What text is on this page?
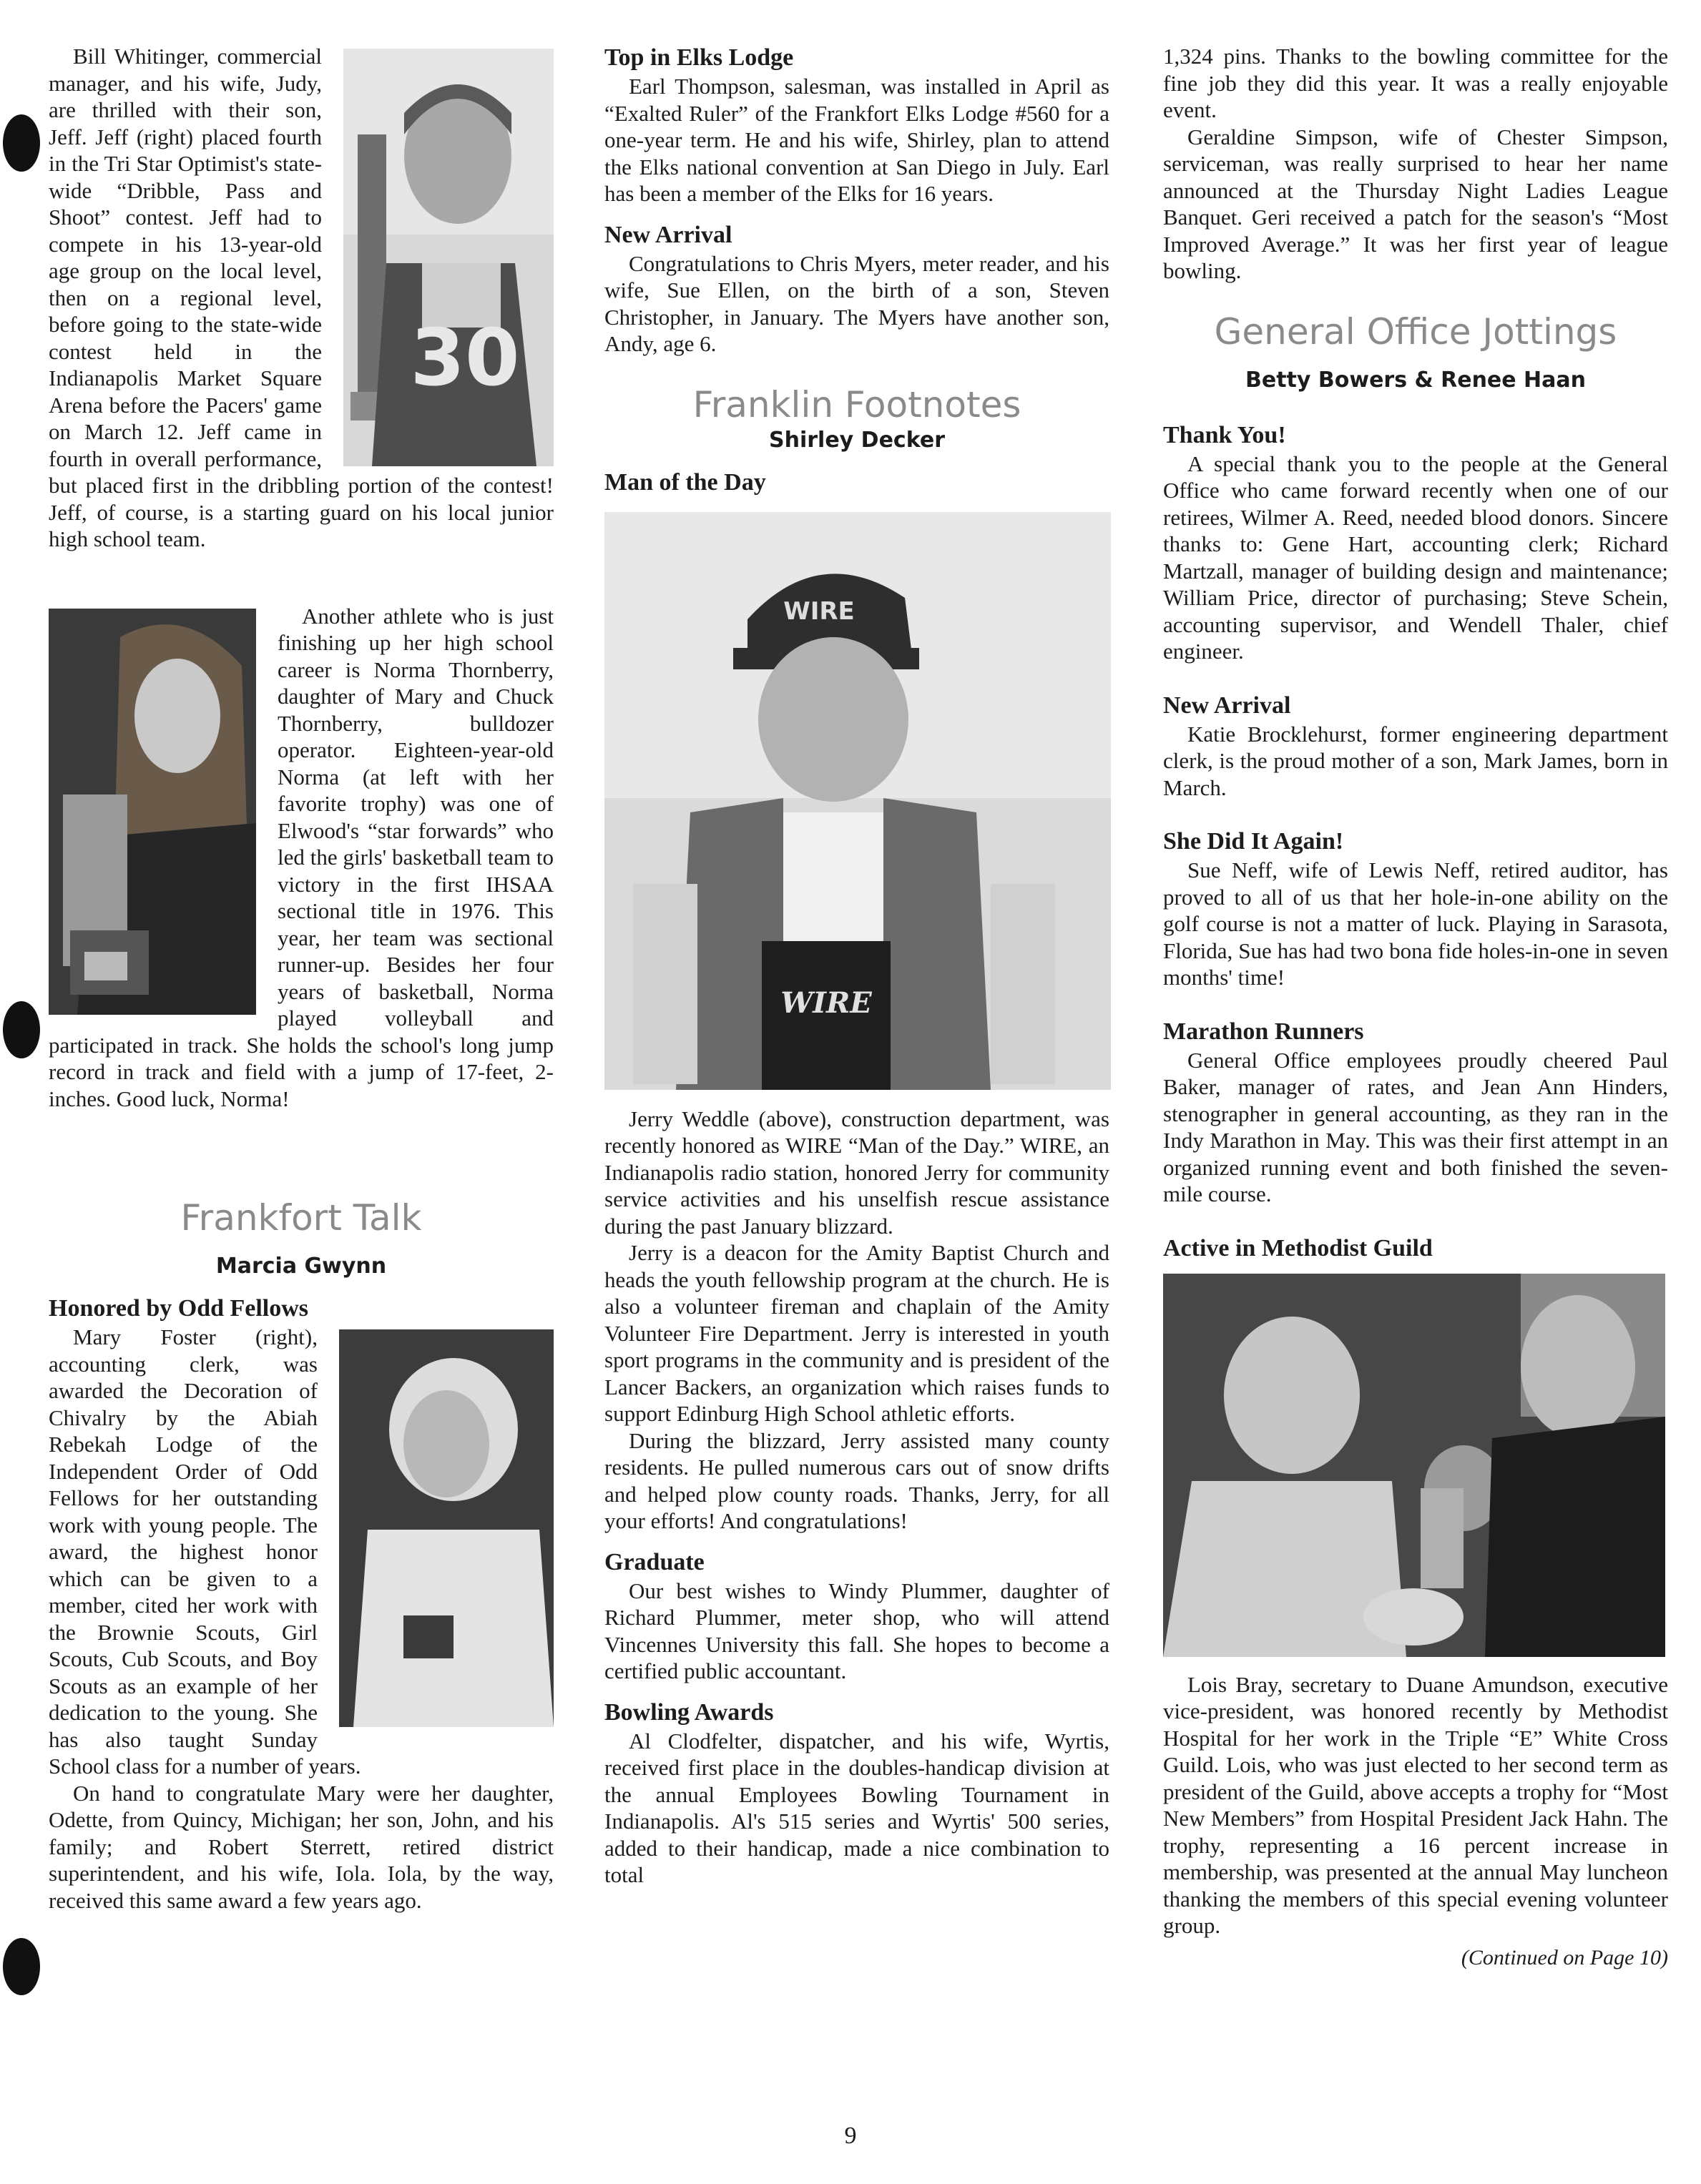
30

Bill Whitinger, commercial manager, and his wife, Judy, are thrilled with their son, Jeff. Jeff (right) placed fourth in the Tri Star Optimist's state-wide “Dribble, Pass and Shoot” contest. Jeff had to compete in his 13-year-old age group on the local level, then on a regional level, before going to the state-wide contest held in the Indianapolis Market Square Arena before the Pacers' game on March 12. Jeff came in fourth in overall performance, but placed first in the dribbling portion of the contest! Jeff, of course, is a starting guard on his local junior high school team.

Another athlete who is just finishing up her high school career is Norma Thornberry, daughter of Mary and Chuck Thornberry, bulldozer operator. Eighteen-year-old Norma (at left with her favorite trophy) was one of Elwood's “star forwards” who led the girls' basketball team to victory in the first IHSAA sectional title in 1976. This year, her team was sectional runner-up. Besides her four years of basketball, Norma played volleyball and participated in track. She holds the school's long jump record in track and field with a jump of 17-feet, 2-inches. Good luck, Norma!

Frankfort Talk
Marcia Gwynn
Honored by Odd Fellows

Mary Foster (right), accounting clerk, was awarded the Decoration of Chivalry by the Abiah Rebekah Lodge of the Independent Order of Odd Fellows for her outstanding work with young people. The award, the highest honor which can be given to a member, cited her work with the Brownie Scouts, Girl Scouts, Cub Scouts, and Boy Scouts as an example of her dedication to the young. She has also taught Sunday School class for a number of years.

On hand to congratulate Mary were her daughter, Odette, from Quincy, Michigan; her son, John, and his family; and Robert Sterrett, retired district superintendent, and his wife, Iola. Iola, by the way, received this same award a few years ago.

Top in Elks Lodge

Earl Thompson, salesman, was installed in April as “Exalted Ruler” of the Frankfort Elks Lodge #560 for a one-year term. He and his wife, Shirley, plan to attend the Elks national convention at San Diego in July. Earl has been a member of the Elks for 16 years.

New Arrival

Congratulations to Chris Myers, meter reader, and his wife, Sue Ellen, on the birth of a son, Steven Christopher, in January. The Myers have another son, Andy, age 6.

Franklin Footnotes
Shirley Decker
Man of the Day
WIRE
WIRE

Jerry Weddle (above), construction department, was recently honored as WIRE “Man of the Day.” WIRE, an Indianapolis radio station, honored Jerry for community service activities and his unselfish rescue assistance during the past January blizzard.

Jerry is a deacon for the Amity Baptist Church and heads the youth fellowship program at the church. He is also a volunteer fireman and chaplain of the Amity Volunteer Fire Department. Jerry is interested in youth sport programs in the community and is president of the Lancer Backers, an organization which raises funds to support Edinburg High School athletic efforts.

During the blizzard, Jerry assisted many county residents. He pulled numerous cars out of snow drifts and helped plow county roads. Thanks, Jerry, for all your efforts! And congratulations!

Graduate

Our best wishes to Windy Plummer, daughter of Richard Plummer, meter shop, who will attend Vincennes University this fall. She hopes to become a certified public accountant.

Bowling Awards

Al Clodfelter, dispatcher, and his wife, Wyrtis, received first place in the doubles-handicap division at the annual Employees Bowling Tournament in Indianapolis. Al's 515 series and Wyrtis' 500 series, added to their handicap, made a nice combination to total

1,324 pins. Thanks to the bowling committee for the fine job they did this year. It was a really enjoyable event.

Geraldine Simpson, wife of Chester Simpson, serviceman, was really surprised to hear her name announced at the Thursday Night Ladies League Banquet. Geri received a patch for the season's “Most Improved Average.” It was her first year of league bowling.

General Office Jottings
Betty Bowers & Renee Haan
Thank You!

A special thank you to the people at the General Office who came forward recently when one of our retirees, Wilmer A. Reed, needed blood donors. Sincere thanks to: Gene Hart, accounting clerk; Richard Martzall, manager of building design and maintenance; William Price, director of purchasing; Steve Schein, accounting supervisor, and Wendell Thaler, chief engineer.

New Arrival

Katie Brocklehurst, former engineering department clerk, is the proud mother of a son, Mark James, born in March.

She Did It Again!

Sue Neff, wife of Lewis Neff, retired auditor, has proved to all of us that her hole-in-one ability on the golf course is not a matter of luck. Playing in Sarasota, Florida, Sue has had two bona fide holes-in-one in seven months' time!

Marathon Runners

General Office employees proudly cheered Paul Baker, manager of rates, and Jean Ann Hinders, stenographer in general accounting, as they ran in the Indy Marathon in May. This was their first attempt in an organized running event and both finished the seven-mile course.

Active in Methodist Guild

Lois Bray, secretary to Duane Amundson, executive vice-president, was honored recently by Methodist Hospital for her work in the Triple “E” White Cross Guild. Lois, who was just elected to her second term as president of the Guild, above accepts a trophy for “Most New Members” from Hospital President Jack Hahn. The trophy, representing a 16 percent increase in membership, was presented at the annual May luncheon thanking the members of this special evening volunteer group.

(Continued on Page 10)
9
